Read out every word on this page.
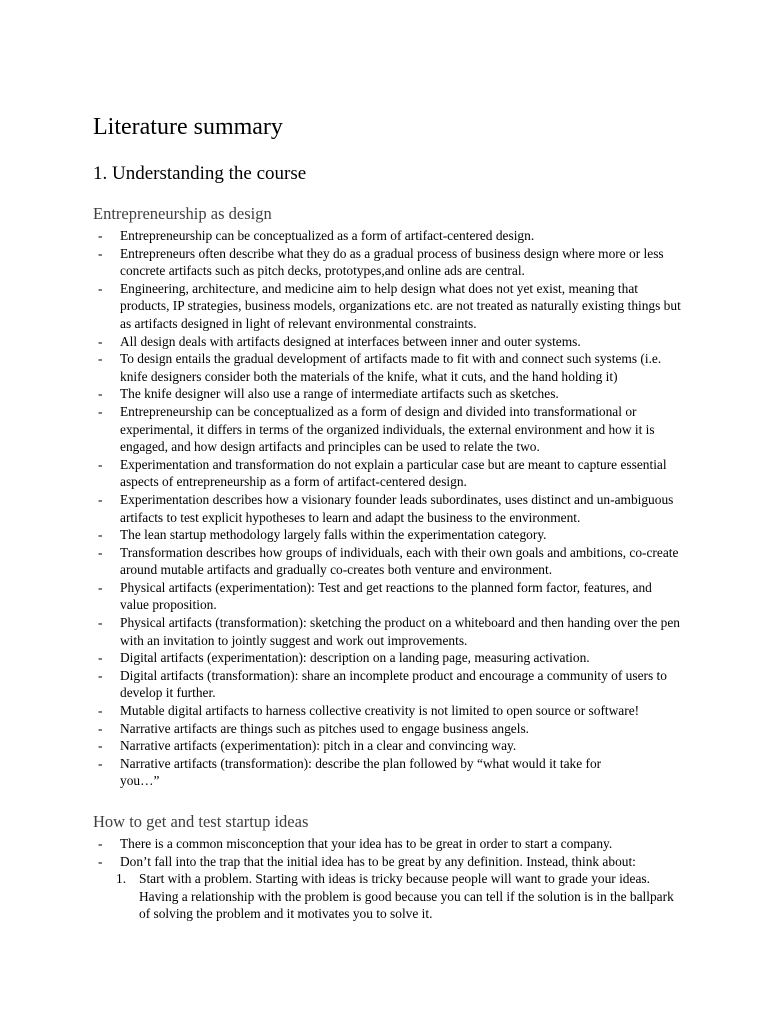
Literature summary
1. Understanding the course
Entrepreneurship as design
- Entrepreneurship can be conceptualized as a form of artifact-centered design.
- Entrepreneurs often describe what they do as a gradual process of business design where more or less concrete artifacts such as pitch decks, prototypes,and online ads are central.
- Engineering, architecture, and medicine aim to help design what does not yet exist, meaning that products, IP strategies, business models, organizations etc. are not treated as naturally existing things but as artifacts designed in light of relevant environmental constraints.
- All design deals with artifacts designed at interfaces between inner and outer systems.
- To design entails the gradual development of artifacts made to fit with and connect such systems (i.e. knife designers consider both the materials of the knife, what it cuts, and the hand holding it)
- The knife designer will also use a range of intermediate artifacts such as sketches.
- Entrepreneurship can be conceptualized as a form of design and divided into transformational or experimental, it differs in terms of the organized individuals, the external environment and how it is engaged, and how design artifacts and principles can be used to relate the two.
- Experimentation and transformation do not explain a particular case but are meant to capture essential aspects of entrepreneurship as a form of artifact-centered design.
- Experimentation describes how a visionary founder leads subordinates, uses distinct and un-ambiguous artifacts to test explicit hypotheses to learn and adapt the business to the environment.
- The lean startup methodology largely falls within the experimentation category.
- Transformation describes how groups of individuals, each with their own goals and ambitions, co-create around mutable artifacts and gradually co-creates both venture and environment.
- Physical artifacts (experimentation): Test and get reactions to the planned form factor, features, and value proposition.
- Physical artifacts (transformation): sketching the product on a whiteboard and then handing over the pen with an invitation to jointly suggest and work out improvements.
- Digital artifacts (experimentation): description on a landing page, measuring activation.
- Digital artifacts (transformation): share an incomplete product and encourage a community of users to develop it further.
- Mutable digital artifacts to harness collective creativity is not limited to open source or software!
- Narrative artifacts are things such as pitches used to engage business angels.
- Narrative artifacts (experimentation): pitch in a clear and convincing way.
- Narrative artifacts (transformation): describe the plan followed by “what would it take for you…”
How to get and test startup ideas
- There is a common misconception that your idea has to be great in order to start a company.
- Don’t fall into the trap that the initial idea has to be great by any definition. Instead, think about:
1. Start with a problem. Starting with ideas is tricky because people will want to grade your ideas. Having a relationship with the problem is good because you can tell if the solution is in the ballpark of solving the problem and it motivates you to solve it.
